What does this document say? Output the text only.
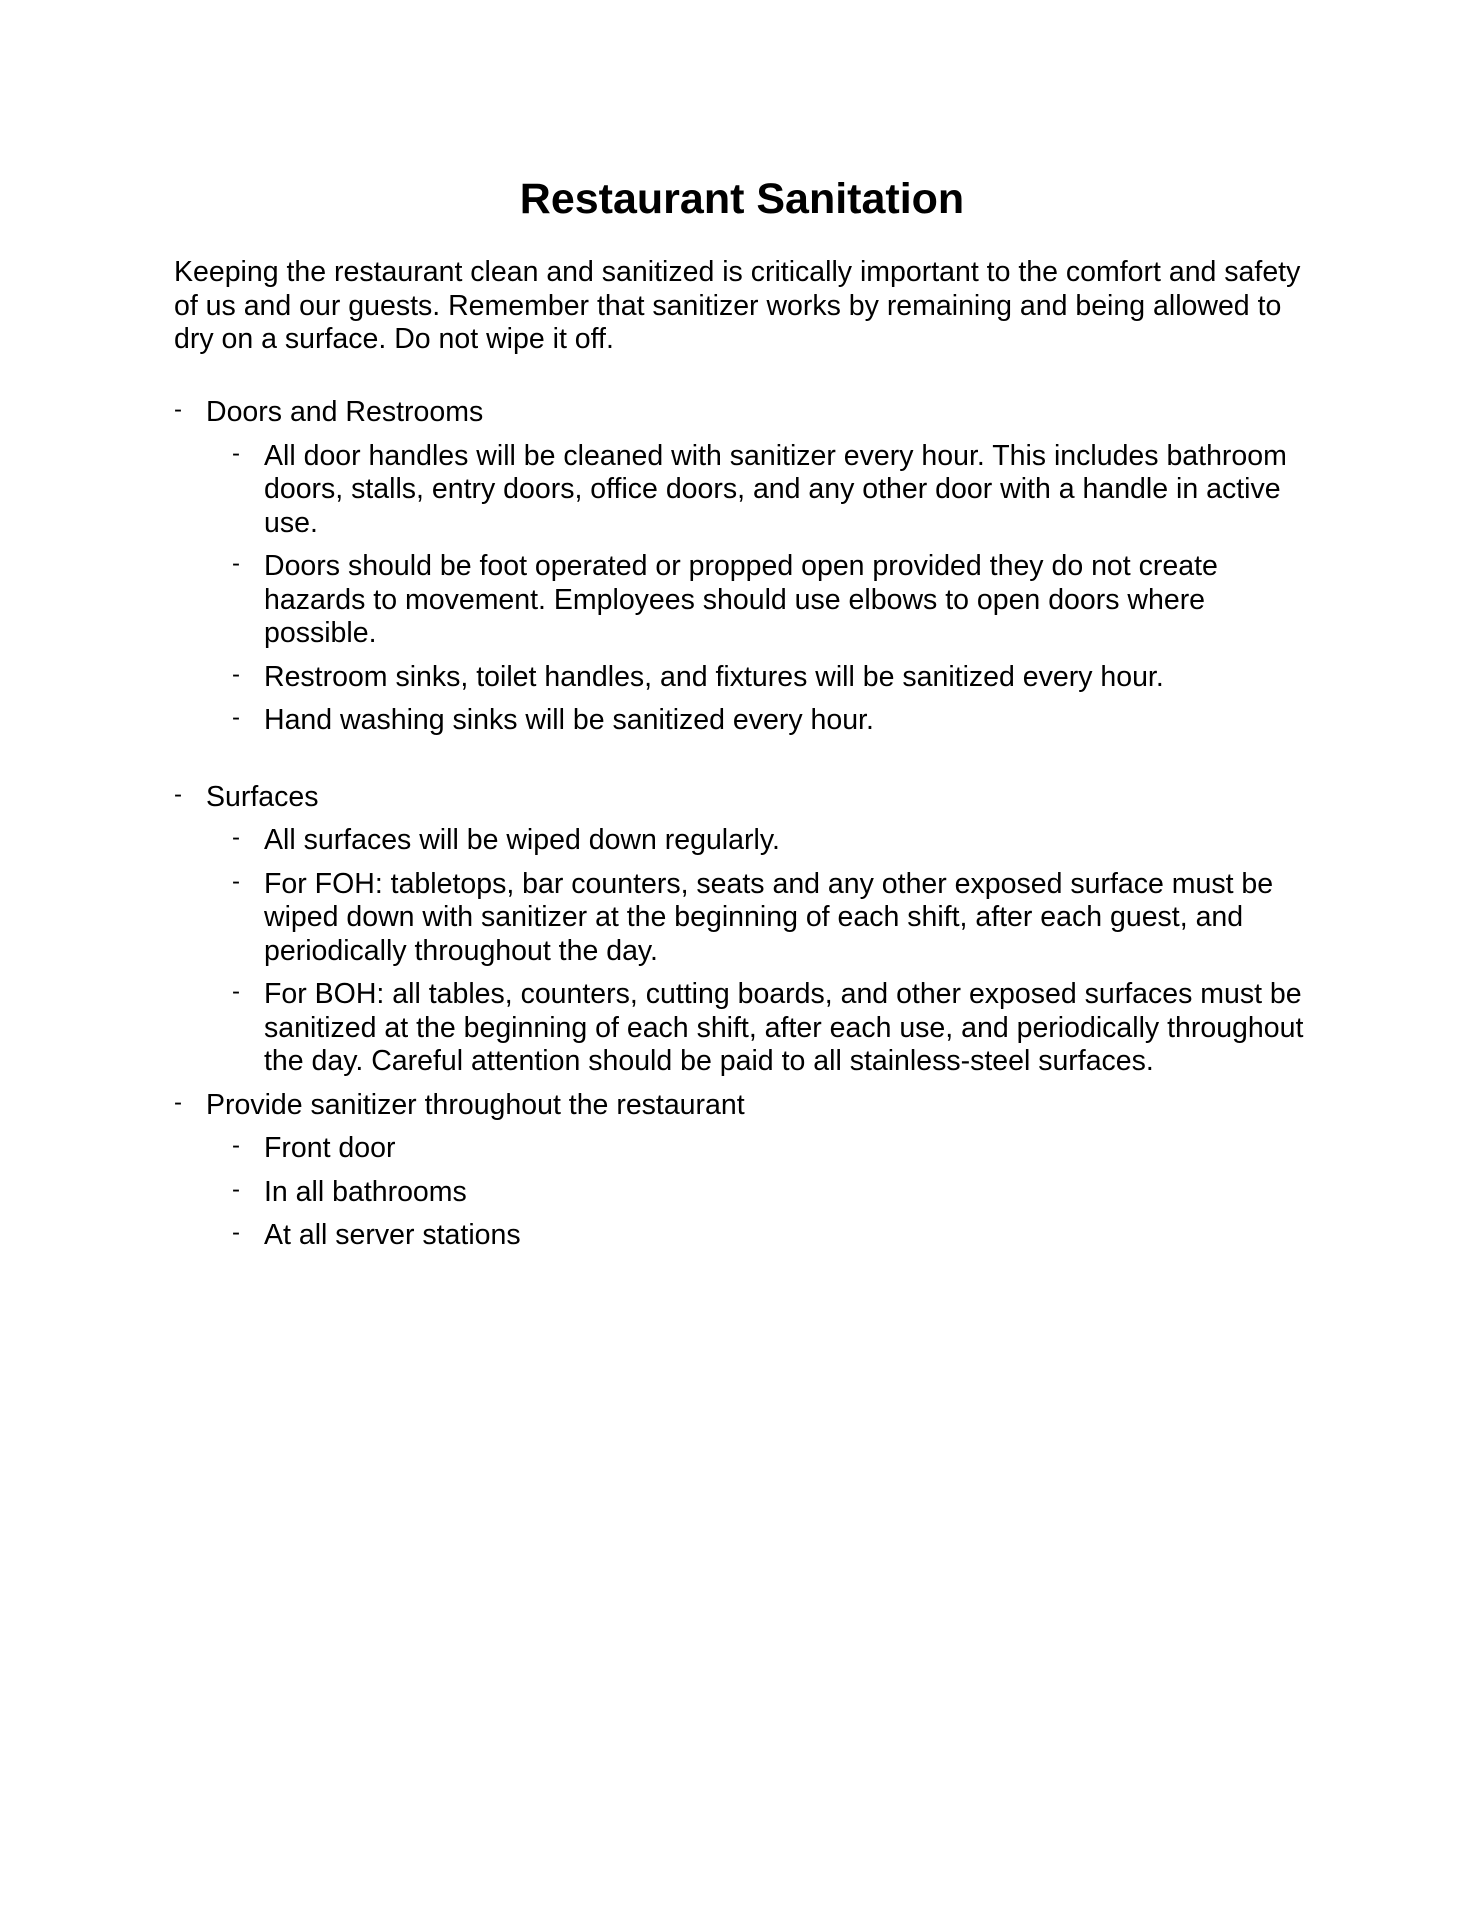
Restaurant Sanitation

Keeping the restaurant clean and sanitized is critically important to the comfort and safety of us and our guests. Remember that sanitizer works by remaining and being allowed to dry on a surface. Do not wipe it off.

- Doors and Restrooms
- All door handles will be cleaned with sanitizer every hour. This includes bathroom doors, stalls, entry doors, office doors, and any other door with a handle in active use.
- Doors should be foot operated or propped open provided they do not create hazards to movement. Employees should use elbows to open doors where possible.
- Restroom sinks, toilet handles, and fixtures will be sanitized every hour.
- Hand washing sinks will be sanitized every hour.
- Surfaces
- All surfaces will be wiped down regularly.
- For FOH: tabletops, bar counters, seats and any other exposed surface must be wiped down with sanitizer at the beginning of each shift, after each guest, and periodically throughout the day.
- For BOH: all tables, counters, cutting boards, and other exposed surfaces must be sanitized at the beginning of each shift, after each use, and periodically throughout the day. Careful attention should be paid to all stainless-steel surfaces.
- Provide sanitizer throughout the restaurant
- Front door
- In all bathrooms
- At all server stations
